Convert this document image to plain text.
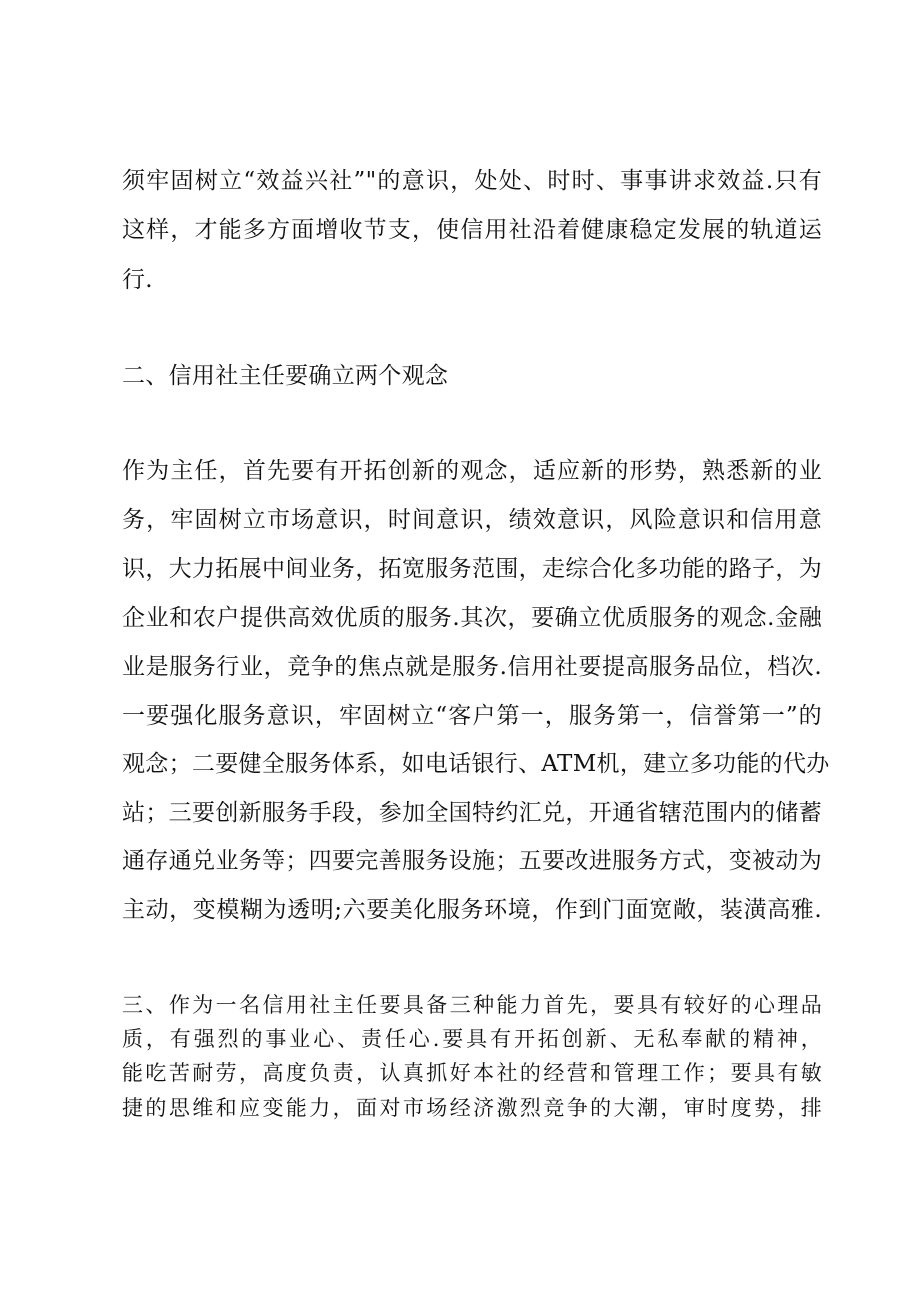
须牢固树立“效益兴社”"的意识，处处、时时、事事讲求效益.只有
这样，才能多方面增收节支，使信用社沿着健康稳定发展的轨道运
行.
二、信用社主任要确立两个观念
作为主任，首先要有开拓创新的观念，适应新的形势，熟悉新的业
务，牢固树立市场意识，时间意识，绩效意识，风险意识和信用意
识，大力拓展中间业务，拓宽服务范围，走综合化多功能的路子，为
企业和农户提供高效优质的服务.其次，要确立优质服务的观念.金融
业是服务行业，竞争的焦点就是服务.信用社要提高服务品位，档次.
一要强化服务意识，牢固树立“客户第一，服务第一，信誉第一”的
观念；二要健全服务体系，如电话银行、ATM机，建立多功能的代办
站；三要创新服务手段，参加全国特约汇兑，开通省辖范围内的储蓄
通存通兑业务等；四要完善服务设施；五要改进服务方式，变被动为
主动，变模糊为透明;六要美化服务环境，作到门面宽敞，装潢高雅.
三、作为一名信用社主任要具备三种能力首先，要具有较好的心理品
质，有强烈的事业心、责任心.要具有开拓创新、无私奉献的精神，
能吃苦耐劳，高度负责，认真抓好本社的经营和管理工作；要具有敏
捷的思维和应变能力，面对市场经济激烈竞争的大潮，审时度势，排
